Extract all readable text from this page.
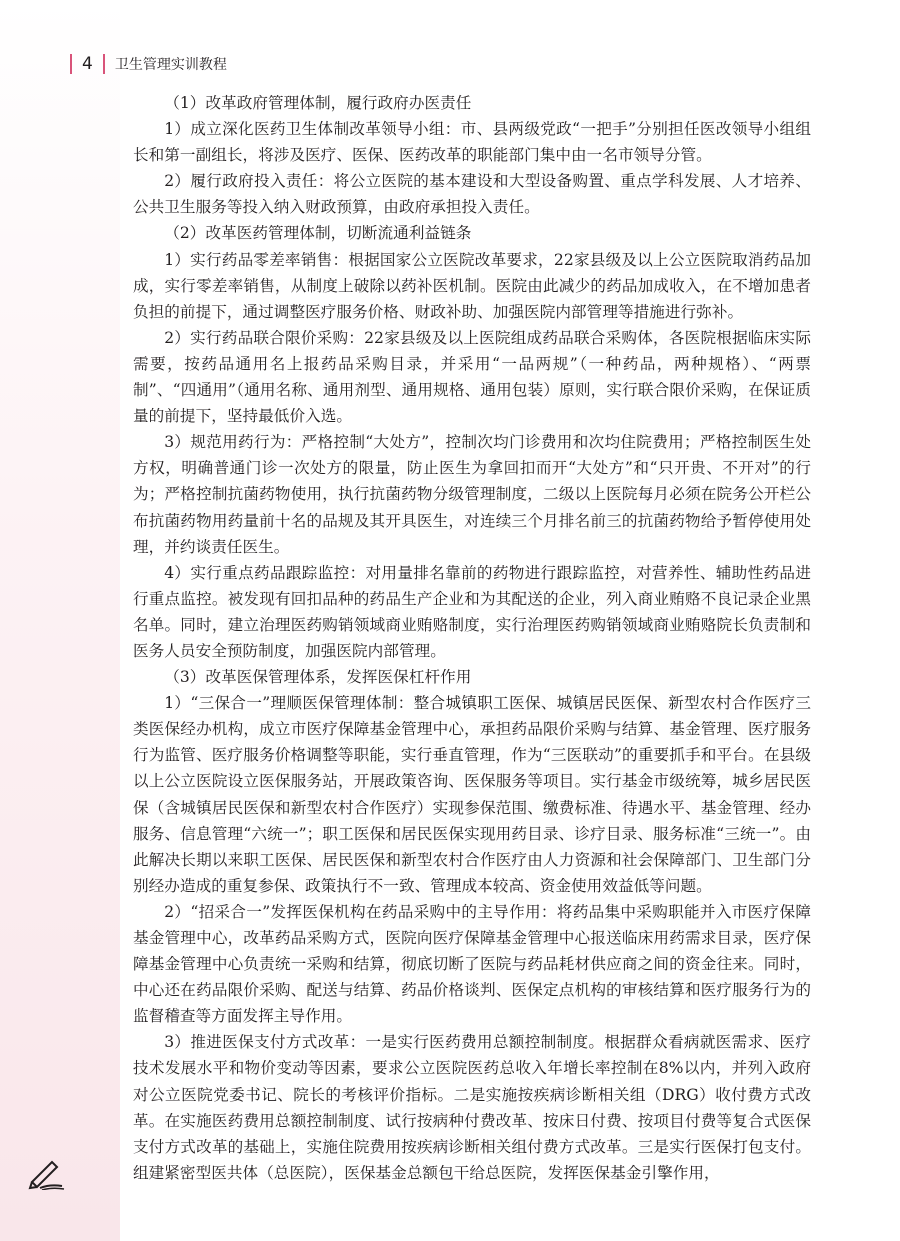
4 卫生管理实训教程

（1）改革政府管理体制，履行政府办医责任

1）成立深化医药卫生体制改革领导小组：市、县两级党政“一把手”分别担任医改领导小组组长和第一副组长，将涉及医疗、医保、医药改革的职能部门集中由一名市领导分管。

2）履行政府投入责任：将公立医院的基本建设和大型设备购置、重点学科发展、人才培养、公共卫生服务等投入纳入财政预算，由政府承担投入责任。

（2）改革医药管理体制，切断流通利益链条

1）实行药品零差率销售：根据国家公立医院改革要求，22家县级及以上公立医院取消药品加成，实行零差率销售，从制度上破除以药补医机制。医院由此减少的药品加成收入，在不增加患者负担的前提下，通过调整医疗服务价格、财政补助、加强医院内部管理等措施进行弥补。

2）实行药品联合限价采购：22家县级及以上医院组成药品联合采购体，各医院根据临床实际需要，按药品通用名上报药品采购目录，并采用“一品两规”（一种药品，两种规格）、“两票制”、“四通用”（通用名称、通用剂型、通用规格、通用包装）原则，实行联合限价采购，在保证质量的前提下，坚持最低价入选。

3）规范用药行为：严格控制“大处方”，控制次均门诊费用和次均住院费用；严格控制医生处方权，明确普通门诊一次处方的限量，防止医生为拿回扣而开“大处方”和“只开贵、不开对”的行为；严格控制抗菌药物使用，执行抗菌药物分级管理制度，二级以上医院每月必须在院务公开栏公布抗菌药物用药量前十名的品规及其开具医生，对连续三个月排名前三的抗菌药物给予暂停使用处理，并约谈责任医生。

4）实行重点药品跟踪监控：对用量排名靠前的药物进行跟踪监控，对营养性、辅助性药品进行重点监控。被发现有回扣品种的药品生产企业和为其配送的企业，列入商业贿赂不良记录企业黑名单。同时，建立治理医药购销领域商业贿赂制度，实行治理医药购销领域商业贿赂院长负责制和医务人员安全预防制度，加强医院内部管理。

（3）改革医保管理体系，发挥医保杠杆作用

1）“三保合一”理顺医保管理体制：整合城镇职工医保、城镇居民医保、新型农村合作医疗三类医保经办机构，成立市医疗保障基金管理中心，承担药品限价采购与结算、基金管理、医疗服务行为监管、医疗服务价格调整等职能，实行垂直管理，作为“三医联动”的重要抓手和平台。在县级以上公立医院设立医保服务站，开展政策咨询、医保服务等项目。实行基金市级统筹，城乡居民医保（含城镇居民医保和新型农村合作医疗）实现参保范围、缴费标准、待遇水平、基金管理、经办服务、信息管理“六统一”；职工医保和居民医保实现用药目录、诊疗目录、服务标准“三统一”。由此解决长期以来职工医保、居民医保和新型农村合作医疗由人力资源和社会保障部门、卫生部门分别经办造成的重复参保、政策执行不一致、管理成本较高、资金使用效益低等问题。

2）“招采合一”发挥医保机构在药品采购中的主导作用：将药品集中采购职能并入市医疗保障基金管理中心，改革药品采购方式，医院向医疗保障基金管理中心报送临床用药需求目录，医疗保障基金管理中心负责统一采购和结算，彻底切断了医院与药品耗材供应商之间的资金往来。同时，中心还在药品限价采购、配送与结算、药品价格谈判、医保定点机构的审核结算和医疗服务行为的监督稽查等方面发挥主导作用。

3）推进医保支付方式改革：一是实行医药费用总额控制制度。根据群众看病就医需求、医疗技术发展水平和物价变动等因素，要求公立医院医药总收入年增长率控制在8%以内，并列入政府对公立医院党委书记、院长的考核评价指标。二是实施按疾病诊断相关组（DRG）收付费方式改革。在实施医药费用总额控制制度、试行按病种付费改革、按床日付费、按项目付费等复合式医保支付方式改革的基础上，实施住院费用按疾病诊断相关组付费方式改革。三是实行医保打包支付。组建紧密型医共体（总医院），医保基金总额包干给总医院，发挥医保基金引擎作用，
